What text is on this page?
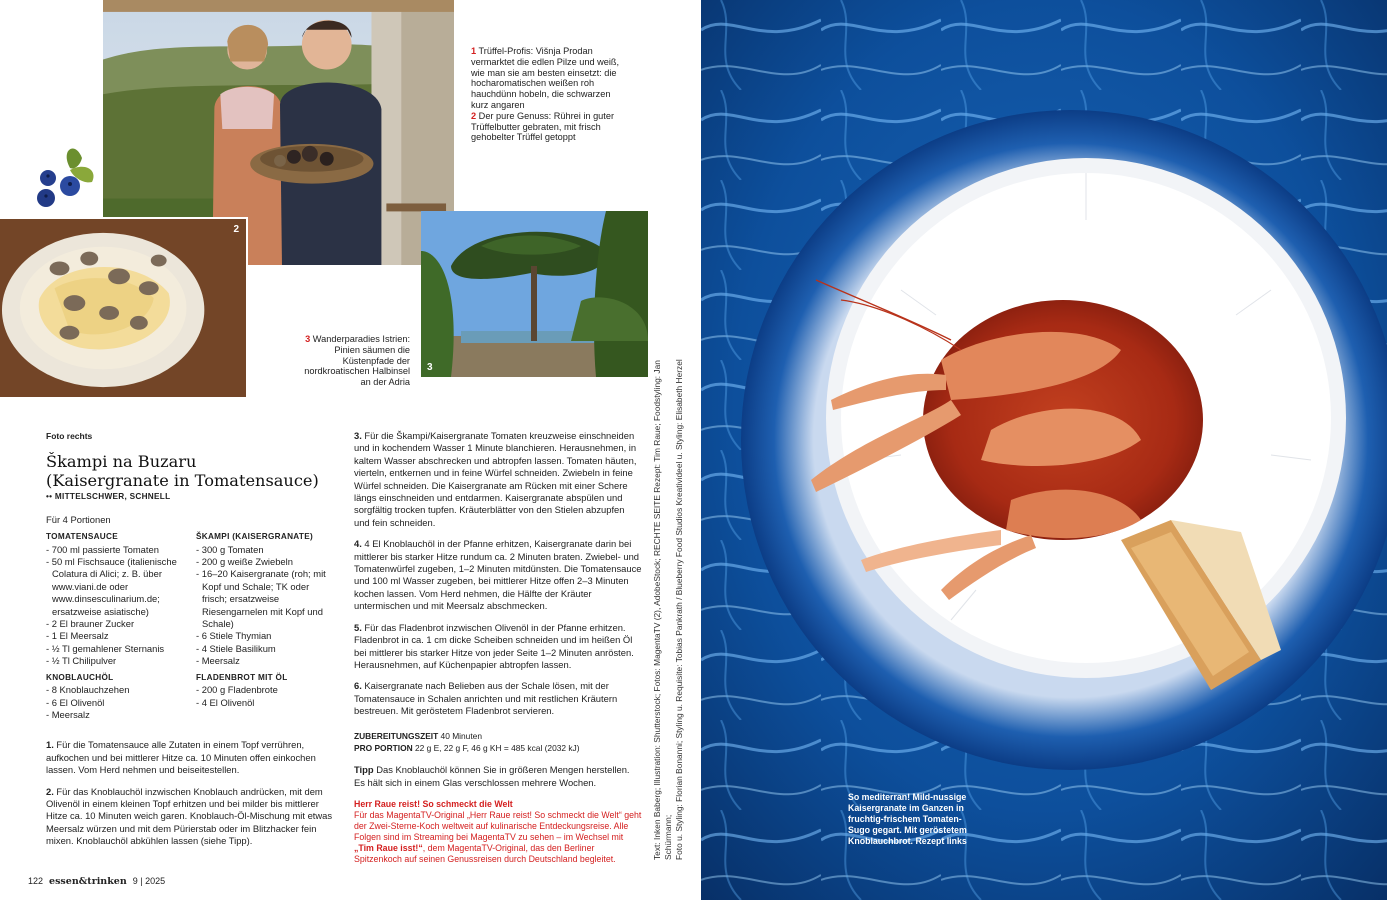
2
3

1 Trüffel-Profis: Višnja Prodan vermarktet die edlen Pilze und weiß, wie man sie am besten einsetzt: die hocharomatischen weißen roh hauchdünn hobeln, die schwarzen kurz angaren
2 Der pure Genuss: Rührei in guter Trüffelbutter gebraten, mit frisch gehobelter Trüffel getoppt

3 Wanderparadies Istrien: Pinien säumen die Küstenpfade der nordkroatischen Halbinsel an der Adria

Foto rechts
Škampi na Buzaru
(Kaisergranate in Tomatensauce)
•• MITTELSCHWER, SCHNELL
Für 4 Portionen
TOMATENSAUCE
- 700 ml passierte Tomaten
- 50 ml Fischsauce (italienische Colatura di Alici; z. B. über www.viani.de oder www.dinsesculinarium.de; ersatzweise asiatische)
- 2 El brauner Zucker
- 1 El Meersalz
- ½ Tl gemahlener Sternanis
- ½ Tl Chilipulver
KNOBLAUCHÖL
- 8 Knoblauchzehen
- 6 El Olivenöl
- Meersalz
ŠKAMPI (KAISERGRANATE)
- 300 g Tomaten
- 200 g weiße Zwiebeln
- 16–20 Kaisergranate (roh; mit Kopf und Schale; TK oder frisch; ersatzweise Riesengarnelen mit Kopf und Schale)
- 6 Stiele Thymian
- 4 Stiele Basilikum
- Meersalz
FLADENBROT MIT ÖL
- 200 g Fladenbrote
- 4 El Olivenöl

1. Für die Tomatensauce alle Zutaten in einem Topf verrühren, aufkochen und bei mittlerer Hitze ca. 10 Minuten offen einkochen lassen. Vom Herd nehmen und beiseitestellen.

2. Für das Knoblauchöl inzwischen Knoblauch andrücken, mit dem Olivenöl in einem kleinen Topf erhitzen und bei milder bis mittlerer Hitze ca. 10 Minuten weich garen. Knoblauch-Öl-Mischung mit etwas Meersalz würzen und mit dem Pürierstab oder im Blitzhacker fein mixen. Knoblauchöl abkühlen lassen (siehe Tipp).

3. Für die Škampi/Kaisergranate Tomaten kreuzweise einschneiden und in kochendem Wasser 1 Minute blanchieren. Herausnehmen, in kaltem Wasser abschrecken und abtropfen lassen. Tomaten häuten, vierteln, entkernen und in feine Würfel schneiden. Zwiebeln in feine Würfel schneiden. Die Kaisergranate am Rücken mit einer Schere längs einschneiden und entdarmen. Kaisergranate abspülen und sorgfältig trocken tupfen. Kräuterblätter von den Stielen abzupfen und fein schneiden.

4. 4 El Knoblauchöl in der Pfanne erhitzen, Kaisergranate darin bei mittlerer bis starker Hitze rundum ca. 2 Minuten braten. Zwiebel- und Tomatenwürfel zugeben, 1–2 Minuten mitdünsten. Die Tomatensauce und 100 ml Wasser zugeben, bei mittlerer Hitze offen 2–3 Minuten kochen lassen. Vom Herd nehmen, die Hälfte der Kräuter untermischen und mit Meersalz abschmecken.

5. Für das Fladenbrot inzwischen Olivenöl in der Pfanne erhitzen. Fladenbrot in ca. 1 cm dicke Scheiben schneiden und im heißen Öl bei mittlerer bis starker Hitze von jeder Seite 1–2 Minuten anrösten. Herausnehmen, auf Küchenpapier abtropfen lassen.

6. Kaisergranate nach Belieben aus der Schale lösen, mit der Tomatensauce in Schalen anrichten und mit restlichen Kräutern bestreuen. Mit geröstetem Fladenbrot servieren.

ZUBEREITUNGSZEIT 40 Minuten
PRO PORTION 22 g E, 22 g F, 46 g KH = 485 kcal (2032 kJ)

Tipp Das Knoblauchöl können Sie in größeren Mengen herstellen. Es hält sich in einem Glas verschlossen mehrere Wochen.

Herr Raue reist! So schmeckt die Welt
Für das MagentaTV-Original „Herr Raue reist! So schmeckt die Welt“ geht der Zwei-Sterne-Koch weltweit auf kulinarische Entdeckungsreise. Alle Folgen sind im Streaming bei MagentaTV zu sehen – im Wechsel mit „Tim Raue isst!“, dem MagentaTV-Original, das den Berliner Spitzenkoch auf seinen Genussreisen durch Deutschland begleitet.
122 essen&trinken 9 | 2025
Text: Inken Baberg; Illustration: Shutterstock; Fotos: MagentaTV (2), AdobeStock; RECHTE SEITE Rezept: Tim Raue; Foodstyling: Jan Schürmann; Foto u. Styling: Florian Bonanni; Styling u. Requisite: Tobias Pankrath / Blueberry Food Studios Kreativideel u. Styling: Elisabeth Herzel	So mediterran! Mild-nussige Kaisergranate im Ganzen in fruchtig-frischem Tomaten-Sugo gegart. Mit geröstetem Knoblauchbrot. Rezept links
